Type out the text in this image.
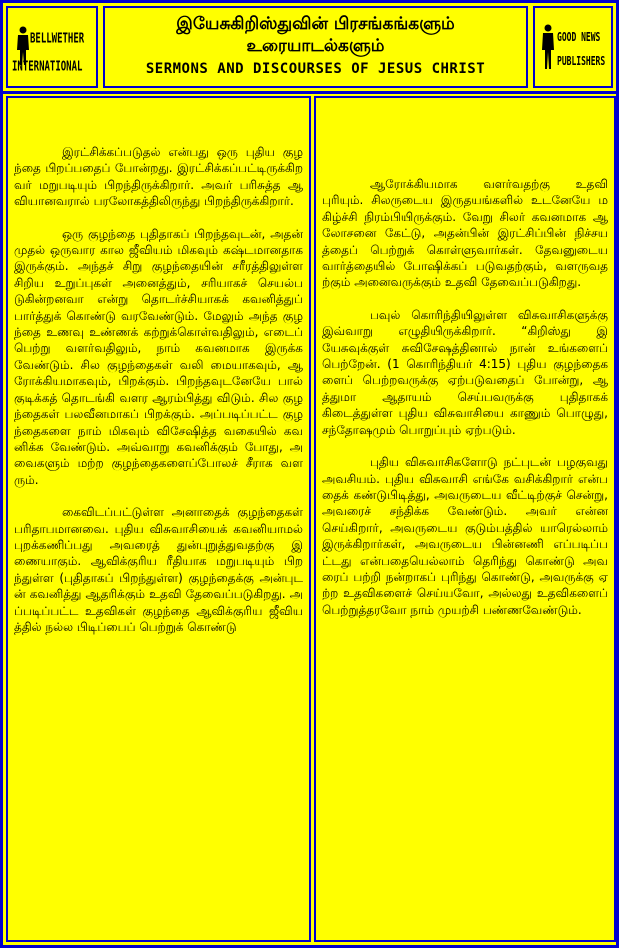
BELLWETHER
INTERNATIONAL
இயேசுகிறிஸ்துவின் பிரசங்கங்களும்
உரையாடல்களும்
SERMONS AND DISCOURSES OF JESUS CHRIST
GOOD NEWS
PUBLISHERS

இரட்சிக்கப்படுதல் என்பது ஒரு புதிய குழந்தை பிறப்பதைப் போன்றது. இரட்சிக்கப்பட்டிருக்கிறவர் மறுபடியும் பிறந்திருக்கிறார். அவர் பரிசுத்த ஆவியானவரால் பரலோகத்திலிருந்து பிறந்திருக்கிறார்.

ஒரு குழந்தை புதிதாகப் பிறந்தவுடன், அதன் முதல் ஒருவார கால ஜீவியம் மிகவும் கஷ்டமானதாக இருக்கும். அந்தச் சிறு குழந்தையின் சரீரத்திலுள்ள சிறிய உறுப்புகள் அனைத்தும், சரியாகச் செயல்படுகின்றனவா என்று தொடர்ச்சியாகக் கவனித்துப் பார்த்துக் கொண்டு வரவேண்டும். மேலும் அந்த குழந்தை உணவு உண்ணக் கற்றுக்கொள்வதிலும், எடைப் பெற்று வளர்வதிலும், நாம் கவனமாக இருக்க வேண்டும். சில குழந்தைகள் வலி மையாகவும், ஆரோக்கியமாகவும், பிறக்கும். பிறந்தவுடனேயே பால் குடிக்கத் தொடங்கி வளர ஆரம்பித்து விடும். சில குழந்தைகள் பலவீனமாகப் பிறக்கும். அப்படிப்பட்ட குழந்தைகளை நாம் மிகவும் விசேஷித்த வகையில் கவனிக்க வேண்டும். அவ்வாறு கவனிக்கும் போது, அவைகளும் மற்ற குழந்தைகளைப்போலச் சீராக வளரும்.

கைவிடப்பட்டுள்ள அனாதைக் குழந்தைகள் பரிதாபமானவை. புதிய விசுவாசியைக் கவனியாமல் புறக்கணிப்பது அவரைத் துன்புறுத்துவதற்கு இணையாகும். ஆவிக்குரிய ரீதியாக மறுபடியும் பிறந்துள்ள (புதிதாகப் பிறந்துள்ள) குழந்தைக்கு அன்புடன் கவனித்து ஆதரிக்கும் உதவி தேவைப்படுகிறது. அப்படிப்பட்ட உதவிகள் குழந்தை ஆவிக்குரிய ஜீவியத்தில் நல்ல பிடிப்பைப் பெற்றுக் கொண்டு

ஆரோக்கியமாக வளர்வதற்கு உதவி புரியும். சிலருடைய இருதயங்களில் உடனேயே மகிழ்ச்சி நிரம்பியிருக்கும். வேறு சிலர் கவனமாக ஆலோசனை கேட்டு, அதன்பின் இரட்சிப்பின் நிச்சயத்தைப் பெற்றுக் கொள்ளுவார்கள். தேவனுடைய வார்த்தையில் போஷிக்கப் படுவதற்கும், வளருவதற்கும் அனைவருக்கும் உதவி தேவைப்படுகிறது.

பவுல் கொரிந்தியிலுள்ள விசுவாசிகளுக்கு இவ்வாறு எழுதியிருக்கிறார். “கிறிஸ்து இயேசுவுக்குள் சுவிசேஷத்தினால் நான் உங்களைப் பெற்றேன். (1 கொரிந்தியர் 4:15) புதிய குழந்தைகளைப் பெற்றவருக்கு ஏற்படுவதைப் போன்று, ஆத்துமா ஆதாயம் செய்பவருக்கு புதிதாகக் கிடைத்துள்ள புதிய விசுவாசியை காணும் பொழுது, சந்தோஷமும் பொறுப்பும் ஏற்படும்.

புதிய விசுவாசிகளோடு நட்புடன் பழகுவது அவசியம். புதிய விசுவாசி எங்கே வசிக்கிறார் என்பதைக் கண்டுபிடித்து, அவருடைய வீட்டிற்குச் சென்று, அவரைச் சந்திக்க வேண்டும். அவர் என்ன செய்கிறார், அவருடைய குடும்பத்தில் யாரெல்லாம் இருக்கிறார்கள், அவருடைய பின்னணி எப்படிப்பட்டது என்பதையெல்லாம் தெரிந்து கொண்டு அவரைப் பற்றி நன்றாகப் புரிந்து கொண்டு, அவருக்கு ஏற்ற உதவிகளைச் செய்யவோ, அல்லது உதவிகளைப் பெற்றுத்தரவோ நாம் முயற்சி பண்ணவேண்டும்.
